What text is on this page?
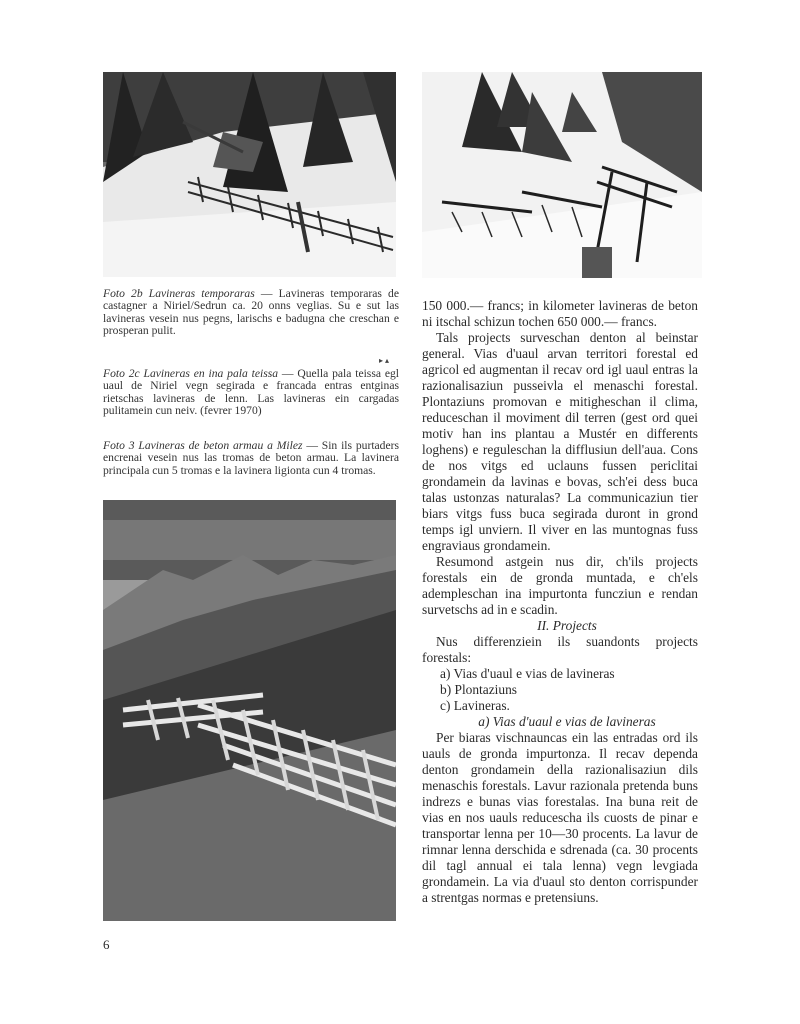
Foto 2b Lavineras temporaras — Lavineras temporaras de castagner a Niriel/Sedrun ca. 20 onns veglias. Su e sut las lavineras vesein nus pegns, larischs e badugna che creschan e prosperan pulit.
▸ ▴
Foto 2c Lavineras en ina pala teissa — Quella pala teissa egl uaul de Niriel vegn segirada e francada entras entginas rietschas lavineras de lenn. Las lavineras ein cargadas pulitamein cun neiv. (fevrer 1970)
Foto 3 Lavineras de beton armau a Milez — Sin ils purtaders encrenai vesein nus las tromas de beton armau. La lavinera principala cun 5 tromas e la lavinera ligionta cun 4 tromas.

150 000.— francs; in kilometer lavineras de beton ni itschal schizun tochen 650 000.— francs.

Tals projects surveschan denton al beinstar general. Vias d'uaul arvan territori forestal ed agricol ed augmentan il recav ord igl uaul entras la razionalisaziun pusseivla el menaschi forestal. Plontaziuns promovan e mitigheschan il clima, reduceschan il moviment dil terren (gest ord quei motiv han ins plantau a Mustér en differents loghens) e reguleschan la difflusiun dell'aua. Cons de nos vitgs ed uclauns fussen periclitai grondamein da lavinas e bovas, sch'ei dess buca talas ustonzas naturalas? La communicaziun tier biars vitgs fuss buca segirada duront in grond temps igl unviern. Il viver en las muntognas fuss engraviaus grondamein.

Resumond astgein nus dir, ch'ils projects forestals ein de gronda muntada, e ch'els adempleschan ina impurtonta funcziun e rendan survetschs ad in e scadin.

II. Projects

Nus differenziein ils suandonts projects forestals:

a) Vias d'uaul e vias de lavineras
b) Plontaziuns
c) Lavineras.

a) Vias d'uaul e vias de lavineras

Per biaras vischnauncas ein las entradas ord ils uauls de gronda impurtonza. Il recav dependa denton grondamein della razionalisaziun dils menaschis forestals. Lavur razionala pretenda buns indrezs e bunas vias forestalas. Ina buna reit de vias en nos uauls reducescha ils cuosts de pinar e transportar lenna per 10—30 procents. La lavur de rimnar lenna derschida e sdrenada (ca. 30 procents dil tagl annual ei tala lenna) vegn levgiada grondamein. La via d'uaul sto denton corrispunder a strentgas normas e pretensiuns.

6
